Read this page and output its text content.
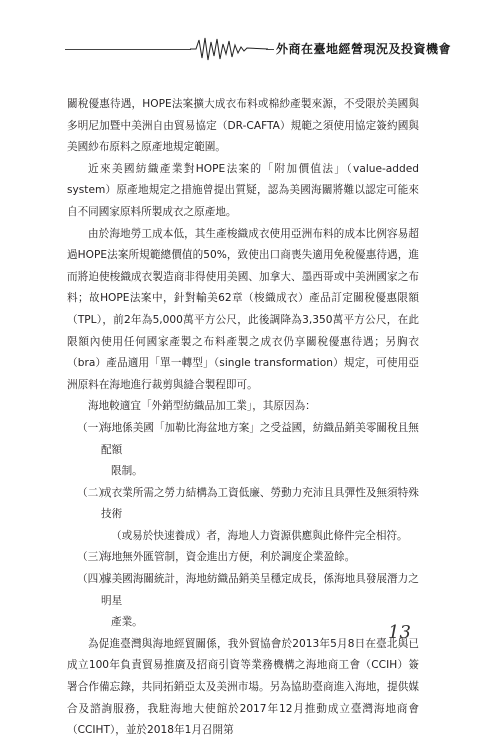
外商在臺地經營現況及投資機會

關稅優惠待遇，HOPE法案擴大成衣布料或棉紗產製來源，不受限於美國與多明尼加暨中美洲自由貿易協定（DR-CAFTA）規範之須使用協定簽約國與美國紗布原料之原產地規定範圍。

近來美國紡織產業對HOPE法案的「附加價值法」（value-added system）原產地規定之措施曾提出質疑，認為美國海關將難以認定可能來自不同國家原料所製成衣之原產地。

由於海地勞工成本低，其生產梭織成衣使用亞洲布料的成本比例容易超過HOPE法案所規範總價值的50%，致使出口商喪失適用免稅優惠待遇，進而將迫使梭織成衣製造商非得使用美國、加拿大、墨西哥或中美洲國家之布料；故HOPE法案中，針對輸美62章（梭織成衣）產品訂定關稅優惠限額（TPL），前2年為5,000萬平方公尺，此後調降為3,350萬平方公尺，在此限額內使用任何國家產製之布料產製之成衣仍享關稅優惠待遇；另胸衣（bra）產品適用「單一轉型」（single transformation）規定，可使用亞洲原料在海地進行裁剪與縫合製程即可。

海地較適宜「外銷型紡織品加工業」，其原因為：

（一）
海地係美國「加勒比海盆地方案」之受益國，紡織品銷美零關稅且無配額
限制。
（二）
成衣業所需之勞力結構為工資低廉、勞動力充沛且具彈性及無須特殊技術
（或易於快速養成）者，海地人力資源供應與此條件完全相符。
（三）
海地無外匯管制，資金進出方便，利於調度企業盈餘。
（四）
據美國海關統計，海地紡織品銷美呈穩定成長，係海地具發展潛力之明星
產業。

為促進臺灣與海地經貿關係，我外貿協會於2013年5月8日在臺北與已成立100年負責貿易推廣及招商引資等業務機構之海地商工會（CCIH）簽署合作備忘錄，共同拓銷亞太及美洲市場。另為協助臺商進入海地，提供媒合及諮詢服務，我駐海地大使館於2017年12月推動成立臺灣海地商會（CCIHT），並於2018年1月召開第

13
